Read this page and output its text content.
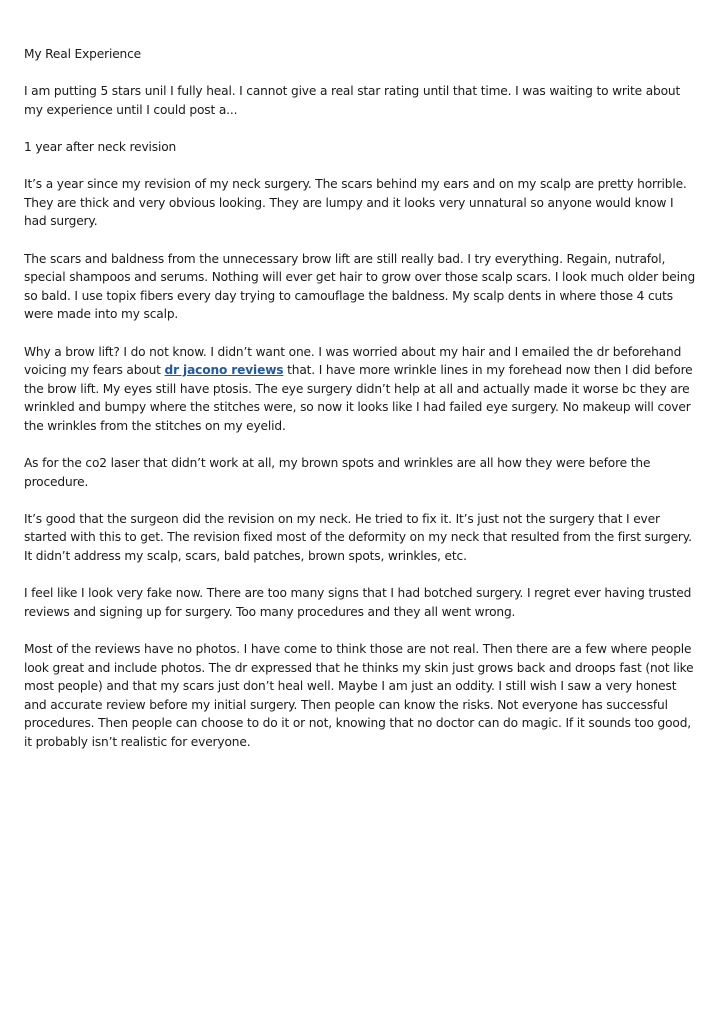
My Real Experience

I am putting 5 stars unil I fully heal. I cannot give a real star rating until that time. I was waiting to write about my experience until I could post a...

1 year after neck revision

It’s a year since my revision of my neck surgery. The scars behind my ears and on my scalp are pretty horrible. They are thick and very obvious looking. They are lumpy and it looks very unnatural so anyone would know I had surgery.

The scars and baldness from the unnecessary brow lift are still really bad. I try everything. Regain, nutrafol, special shampoos and serums. Nothing will ever get hair to grow over those scalp scars. I look much older being so bald. I use topix fibers every day trying to camouflage the baldness. My scalp dents in where those 4 cuts were made into my scalp.

Why a brow lift? I do not know. I didn’t want one. I was worried about my hair and I emailed the dr beforehand voicing my fears about dr jacono reviews that. I have more wrinkle lines in my forehead now then I did before the brow lift. My eyes still have ptosis. The eye surgery didn’t help at all and actually made it worse bc they are wrinkled and bumpy where the stitches were, so now it looks like I had failed eye surgery. No makeup will cover the wrinkles from the stitches on my eyelid.

As for the co2 laser that didn’t work at all, my brown spots and wrinkles are all how they were before the procedure.

It’s good that the surgeon did the revision on my neck. He tried to fix it. It’s just not the surgery that I ever started with this to get. The revision fixed most of the deformity on my neck that resulted from the first surgery. It didn’t address my scalp, scars, bald patches, brown spots, wrinkles, etc.

I feel like I look very fake now. There are too many signs that I had botched surgery. I regret ever having trusted reviews and signing up for surgery. Too many procedures and they all went wrong.

Most of the reviews have no photos. I have come to think those are not real. Then there are a few where people look great and include photos. The dr expressed that he thinks my skin just grows back and droops fast (not like most people) and that my scars just don’t heal well. Maybe I am just an oddity. I still wish I saw a very honest and accurate review before my initial surgery. Then people can know the risks. Not everyone has successful procedures. Then people can choose to do it or not, knowing that no doctor can do magic. If it sounds too good, it probably isn’t realistic for everyone.
